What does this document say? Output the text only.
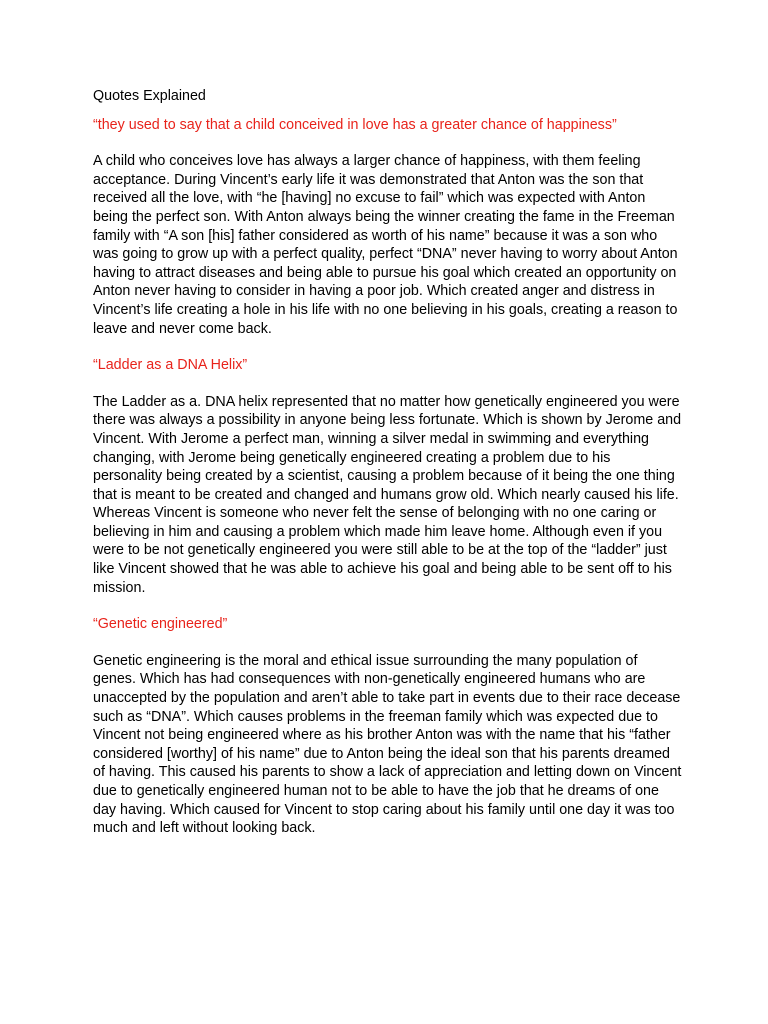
Quotes Explained

“they used to say that a child conceived in love has a greater chance of happiness”

A child who conceives love has always a larger chance of happiness, with them feeling acceptance. During Vincent’s early life it was demonstrated that Anton was the son that received all the love, with “he [having] no excuse to fail” which was expected with Anton being the perfect son. With Anton always being the winner creating the fame in the Freeman family with “A son [his] father considered as worth of his name” because it was a son who was going to grow up with a perfect quality, perfect “DNA” never having to worry about Anton having to attract diseases and being able to pursue his goal which created an opportunity on Anton never having to consider in having a poor job. Which created anger and distress in Vincent’s life creating a hole in his life with no one believing in his goals, creating a reason to leave and never come back.

“Ladder as a DNA Helix”

The Ladder as a. DNA helix represented that no matter how genetically engineered you were there was always a possibility in anyone being less fortunate. Which is shown by Jerome and Vincent. With Jerome a perfect man, winning a silver medal in swimming and everything changing, with Jerome being genetically engineered creating a problem due to his personality being created by a scientist, causing a problem because of it being the one thing that is meant to be created and changed and humans grow old. Which nearly caused his life. Whereas Vincent is someone who never felt the sense of belonging with no one caring or believing in him and causing a problem which made him leave home. Although even if you were to be not genetically engineered you were still able to be at the top of the “ladder” just like Vincent showed that he was able to achieve his goal and being able to be sent off to his mission.

“Genetic engineered”

Genetic engineering is the moral and ethical issue surrounding the many population of genes. Which has had consequences with non-genetically engineered humans who are unaccepted by the population and aren’t able to take part in events due to their race decease such as “DNA”. Which causes problems in the freeman family which was expected due to Vincent not being engineered where as his brother Anton was with the name that his “father considered [worthy] of his name” due to Anton being the ideal son that his parents dreamed of having. This caused his parents to show a lack of appreciation and letting down on Vincent due to genetically engineered human not to be able to have the job that he dreams of one day having. Which caused for Vincent to stop caring about his family until one day it was too much and left without looking back.
